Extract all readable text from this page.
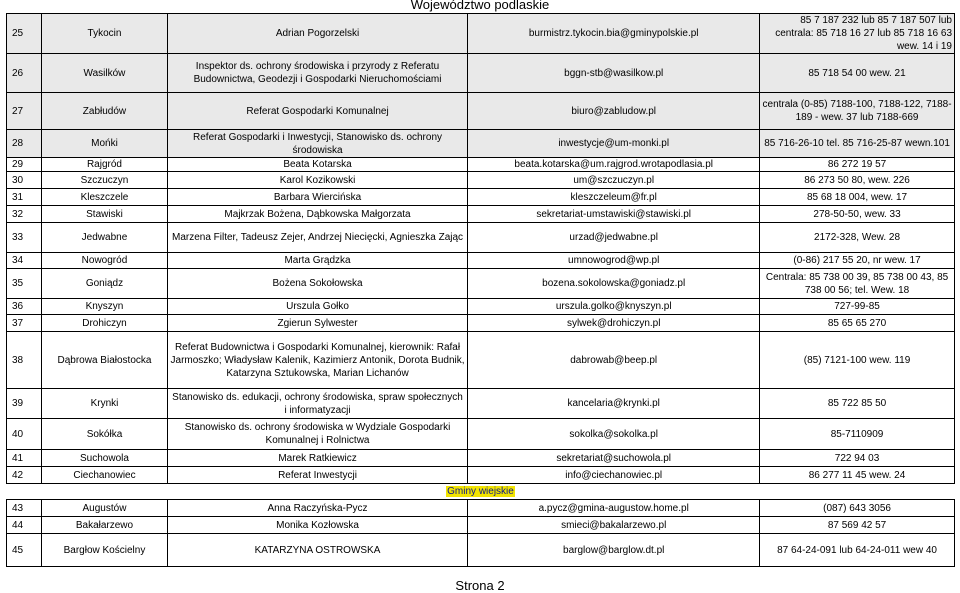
Województwo podlaskie
25	Tykocin	Adrian Pogorzelski	burmistrz.tykocin.bia@gminypolskie.pl	85 7 187 232 lub 85 7 187 507 lub centrala: 85 718 16 27 lub 85 718 16 63 wew. 14 i 19
26	Wasilków	Inspektor ds. ochrony środowiska i przyrody z Referatu Budownictwa, Geodezji i Gospodarki Nieruchomościami	bggn-stb@wasilkow.pl	85 718 54 00 wew. 21
27	Zabłudów	Referat Gospodarki Komunalnej	biuro@zabludow.pl	centrala (0-85) 7188-100, 7188-122, 7188-189 - wew. 37 lub 7188-669
28	Mońki	Referat Gospodarki i Inwestycji, Stanowisko ds. ochrony środowiska	inwestycje@um-monki.pl	85 716-26-10 tel. 85 716-25-87 wewn.101
29	Rajgród	Beata Kotarska	beata.kotarska@um.rajgrod.wrotapodlasia.pl	86 272 19 57
30	Szczuczyn	Karol Kozikowski	um@szczuczyn.pl	86 273 50 80, wew. 226
31	Kleszczele	Barbara Wiercińska	kleszczeleum@fr.pl	85 68 18 004, wew. 17
32	Stawiski	Majkrzak Bożena, Dąbkowska Małgorzata	sekretariat-umstawiski@stawiski.pl	278-50-50, wew. 33
33	Jedwabne	Marzena Filter, Tadeusz Zejer, Andrzej Niecięcki, Agnieszka Zając	urzad@jedwabne.pl	2172-328, Wew. 28
34	Nowogród	Marta Grądzka	umnowogrod@wp.pl	(0-86) 217 55 20, nr wew. 17
35	Goniądz	Bożena Sokołowska	bozena.sokolowska@goniadz.pl	Centrala: 85 738 00 39, 85 738 00 43, 85 738 00 56; tel. Wew. 18
36	Knyszyn	Urszula Gołko	urszula.golko@knyszyn.pl	727-99-85
37	Drohiczyn	Zgierun Sylwester	sylwek@drohiczyn.pl	85 65 65 270
38	Dąbrowa Białostocka	Referat Budownictwa i Gospodarki Komunalnej, kierownik: Rafał Jarmoszko; Władysław Kalenik, Kazimierz Antonik, Dorota Budnik, Katarzyna Sztukowska, Marian Lichanów	dabrowab@beep.pl	(85) 7121-100 wew. 119
39	Krynki	Stanowisko ds. edukacji, ochrony środowiska, spraw społecznych i informatyzacji	kancelaria@krynki.pl	85 722 85 50
40	Sokółka	Stanowisko ds. ochrony środowiska w Wydziale Gospodarki Komunalnej i Rolnictwa	sokolka@sokolka.pl	85-7110909
41	Suchowola	Marek Ratkiewicz	sekretariat@suchowola.pl	722 94 03
42	Ciechanowiec	Referat Inwestycji	info@ciechanowiec.pl	86 277 11 45 wew. 24
Gminy wiejskie				
43	Augustów	Anna Raczyńska-Pycz	a.pycz@gmina-augustow.home.pl	(087) 643 3056
44	Bakałarzewo	Monika Kozłowska	smieci@bakalarzewo.pl	87 569 42 57
45	Bargłow Kościelny	KATARZYNA OSTROWSKA	barglow@barglow.dt.pl	87 64-24-091 lub 64-24-011 wew 40
Strona 2
